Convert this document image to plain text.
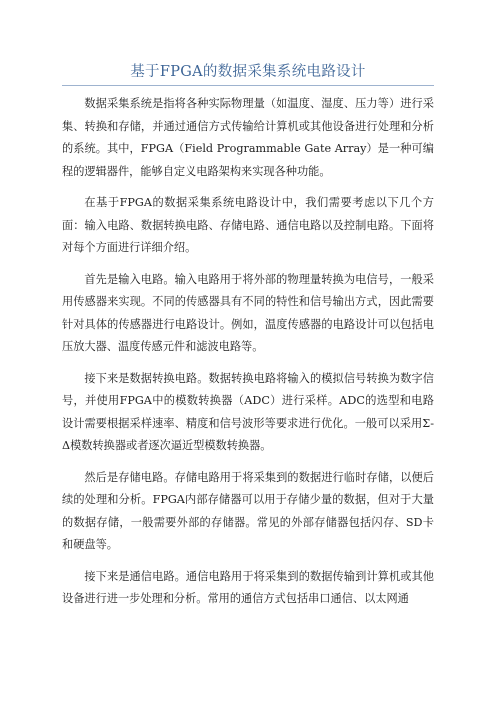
基于FPGA的数据采集系统电路设计

数据采集系统是指将各种实际物理量（如温度、湿度、压力等）进行采集、转换和存储，并通过通信方式传输给计算机或其他设备进行处理和分析的系统。其中，FPGA（Field Programmable Gate Array）是一种可编程的逻辑器件，能够自定义电路架构来实现各种功能。

在基于FPGA的数据采集系统电路设计中，我们需要考虑以下几个方面：输入电路、数据转换电路、存储电路、通信电路以及控制电路。下面将对每个方面进行详细介绍。

首先是输入电路。输入电路用于将外部的物理量转换为电信号，一般采用传感器来实现。不同的传感器具有不同的特性和信号输出方式，因此需要针对具体的传感器进行电路设计。例如，温度传感器的电路设计可以包括电压放大器、温度传感元件和滤波电路等。

接下来是数据转换电路。数据转换电路将输入的模拟信号转换为数字信号，并使用FPGA中的模数转换器（ADC）进行采样。ADC的选型和电路设计需要根据采样速率、精度和信号波形等要求进行优化。一般可以采用Σ-Δ模数转换器或者逐次逼近型模数转换器。

然后是存储电路。存储电路用于将采集到的数据进行临时存储，以便后续的处理和分析。FPGA内部存储器可以用于存储少量的数据，但对于大量的数据存储，一般需要外部的存储器。常见的外部存储器包括闪存、SD卡和硬盘等。

接下来是通信电路。通信电路用于将采集到的数据传输到计算机或其他设备进行进一步处理和分析。常用的通信方式包括串口通信、以太网通
